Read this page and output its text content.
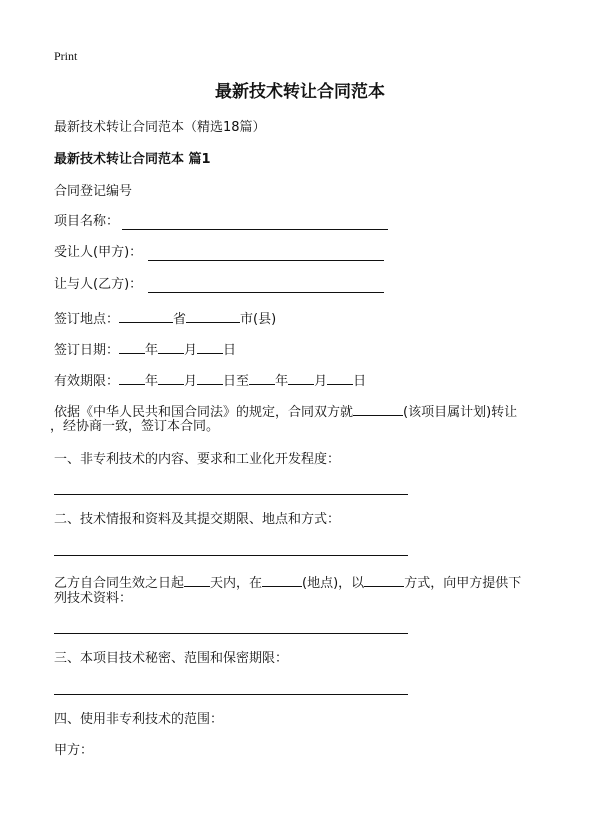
Print
最新技术转让合同范本
最新技术转让合同范本（精选18篇）
最新技术转让合同范本 篇1
合同登记编号
项目名称：
受让人(甲方)：
让与人(乙方)：
签订地点：	省	市(县)
签订日期： 年 月 日
有效期限： 年 月 日至 年 月 日
依据《中华人民共和国合同法》的规定，合同双方就	(该项目属计划)转让
，经协商一致，签订本合同。
一、非专利技术的内容、要求和工业化开发程度：
二、技术情报和资料及其提交期限、地点和方式：
乙方自合同生效之日起 天内，在	(地点)，以	方式，向甲方提供下
列技术资料：
三、本项目技术秘密、范围和保密期限：
四、使用非专利技术的范围：
甲方：
